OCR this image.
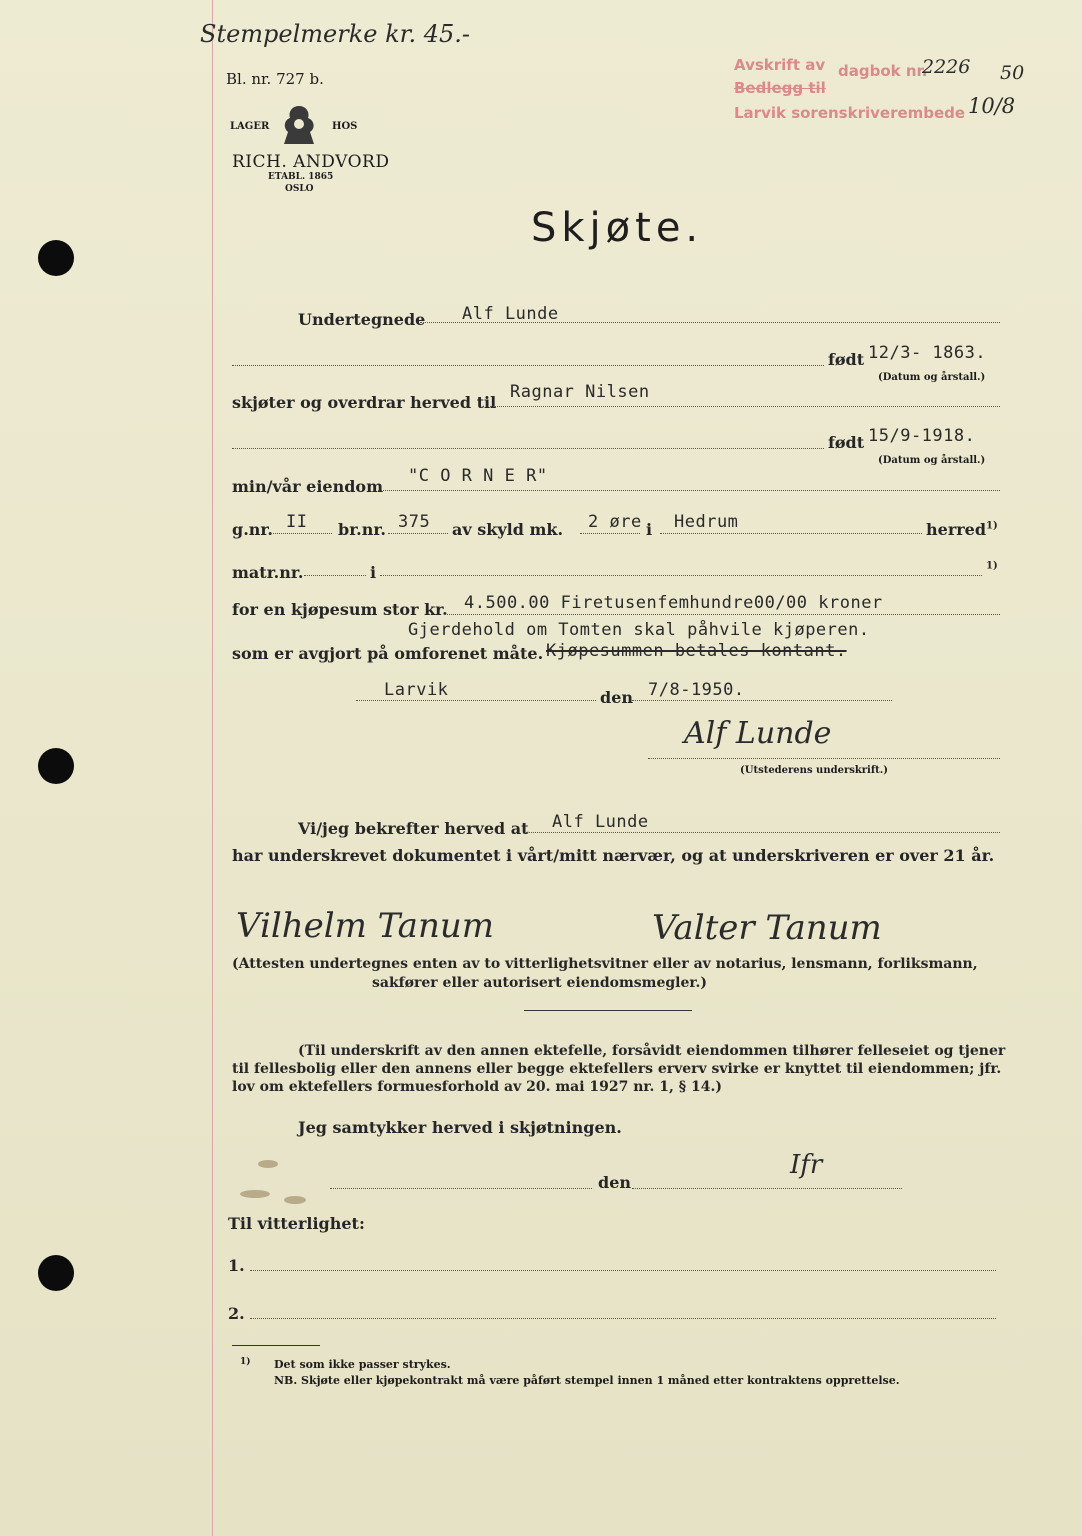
Stempelmerke kr. 45.-
Bl. nr. 727 b.
LAGER	HOS
RICH. ANDVORD
ETABL. 1865
OSLO
Avskrift av
Bedlegg til
dagbok nr.
2226 50
Larvik sorenskriverembede 10/8
Skjøte.
Undertegnede Alf Lunde
født 12/3- 1863.
(Datum og årstall.)
skjøter og overdrar herved til
Ragnar Nilsen
født 15/9-1918.
(Datum og årstall.)
min/vår eiendom
"C O R N E R"
g.nr. II br.nr. 375 av skyld mk. 2 øre i Hedrum	herred$^{1)}$
matr.nr.	i	$^{1)}$
for en kjøpesum stor kr. 4.500.00 Firetusenfemhundre00/00 kroner
Gjerdehold om Tomten skal påhvile kjøperen.
som er avgjort på omforenet måte. Kjøpesummen betales kontant.
Larvik	den 7/8-1950.
Alf Lunde
(Utstederens underskrift.)
Vi/jeg bekrefter herved at Alf Lunde
har underskrevet dokumentet i vårt/mitt nærvær, og at underskriveren er over 21 år.
Vilhelm Tanum	Valter Tanum
(Attesten undertegnes enten av to vitterlighetsvitner eller av notarius, lensmann, forliksmann,
sakfører eller autorisert eiendomsmegler.)
(Til underskrift av den annen ektefelle, forsåvidt eiendommen tilhører felleseiet og tjener
til fellesbolig eller den annens eller begge ektefellers erverv svirke er knyttet til eiendommen; jfr.
lov om ektefellers formuesforhold av 20. mai 1927 nr. 1, § 14.)
Jeg samtykker herved i skjøtningen.
den
Ifr
Til vitterlighet:
1.
2.
1) Det som ikke passer strykes.
NB. Skjøte eller kjøpekontrakt må være påført stempel innen 1 måned etter kontraktens opprettelse.
